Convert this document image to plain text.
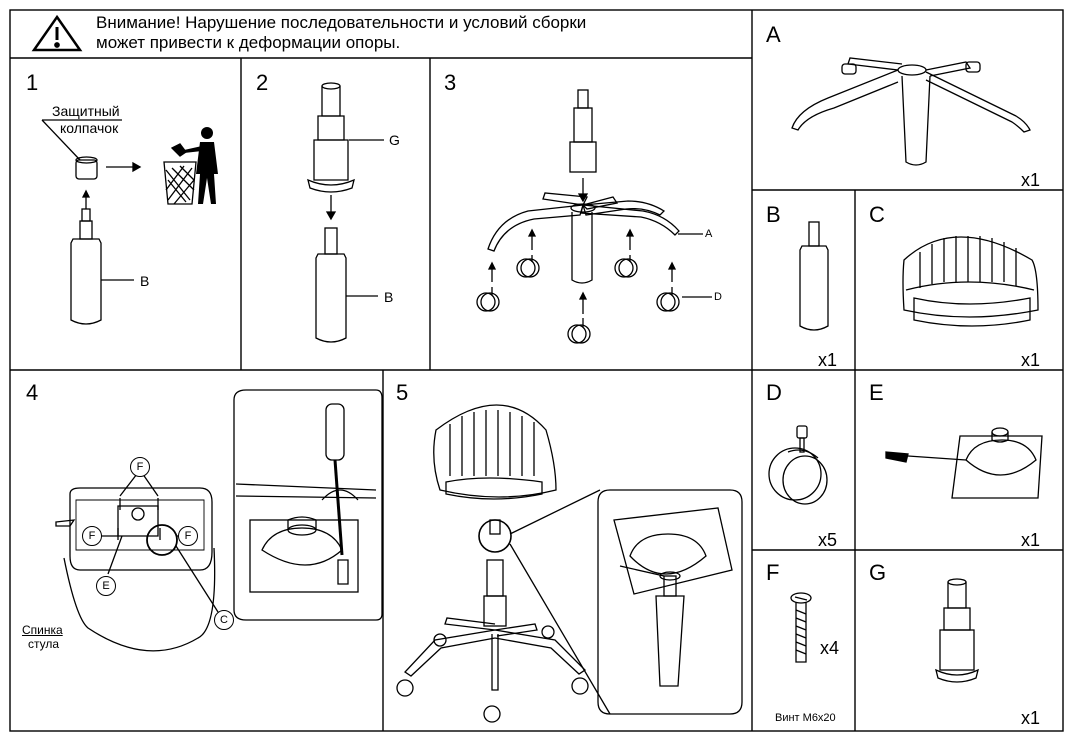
Внимание! Нарушение последовательности и условий сборки
может привести к деформации опоры.
1	2	3
4	5
Защитный
колпачок
B
G
B
A
D
F
F	F
E
C
Спинка
стула
A
x1
B
x1
C
x1
D
x5
E
x1
F
x4
Винт М6х20
G
x1
